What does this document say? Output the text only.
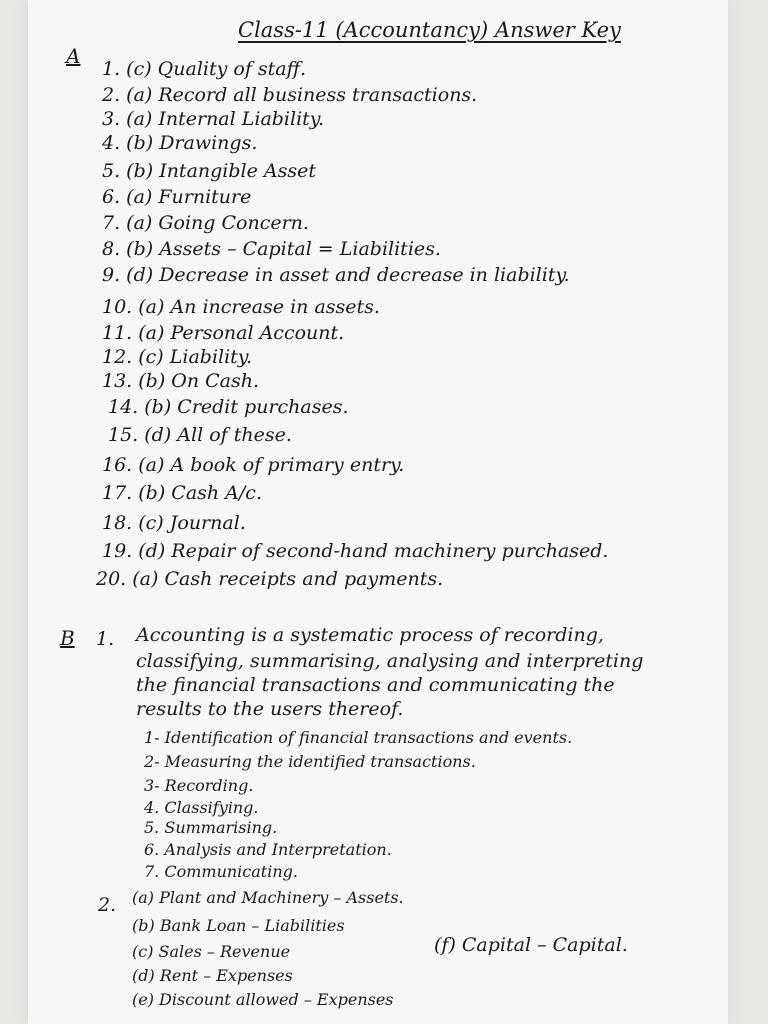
Class-11 (Accountancy) Answer Key
A
1. (c) Quality of staff.
2. (a) Record all business transactions.
3. (a) Internal Liability.
4. (b) Drawings.
5. (b) Intangible Asset
6. (a) Furniture
7. (a) Going Concern.
8. (b) Assets – Capital = Liabilities.
9. (d) Decrease in asset and decrease in liability.
10. (a) An increase in assets.
11. (a) Personal Account.
12. (c) Liability.
13. (b) On Cash.
14. (b) Credit purchases.
15. (d) All of these.
16. (a) A book of primary entry.
17. (b) Cash A/c.
18. (c) Journal.
19. (d) Repair of second-hand machinery purchased.
20. (a) Cash receipts and payments.
B 1. Accounting is a systematic process of recording,
classifying, summarising, analysing and interpreting
the financial transactions and communicating the
results to the users thereof.
1- Identification of financial transactions and events.
2- Measuring the identified transactions.
3- Recording.
4. Classifying.
5. Summarising.
6. Analysis and Interpretation.
7. Communicating.
2. (a) Plant and Machinery – Assets.
(b) Bank Loan – Liabilities
(c) Sales – Revenue	(f) Capital – Capital.
(d) Rent – Expenses
(e) Discount allowed – Expenses
